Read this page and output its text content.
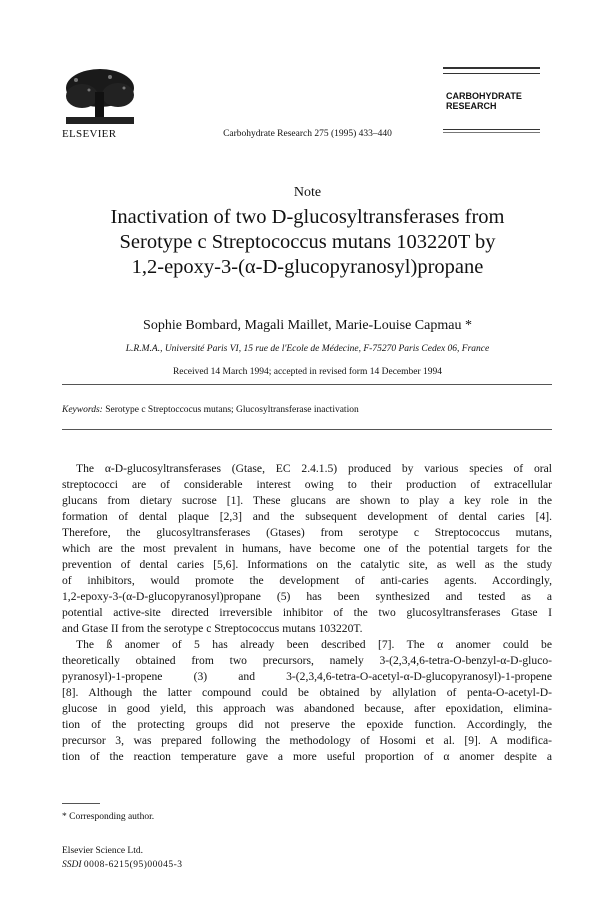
ELSEVIER	Carbohydrate Research 275 (1995) 433–440
CARBOHYDRATE
RESEARCH
Note
Inactivation of two D-glucosyltransferases from
Serotype c Streptococcus mutans 103220T by
1,2-epoxy-3-(α-D-glucopyranosyl)propane
Sophie Bombard, Magali Maillet, Marie-Louise Capmau *
L.R.M.A., Université Paris VI, 15 rue de l'Ecole de Médecine, F-75270 Paris Cedex 06, France
Received 14 March 1994; accepted in revised form 14 December 1994
Keywords: Serotype c Streptoccocus mutans; Glucosyltransferase inactivation
The α-D-glucosyltransferases (Gtase, EC 2.4.1.5) produced by various species of oral
streptococci are of considerable interest owing to their production of extracellular
glucans from dietary sucrose [1]. These glucans are shown to play a key role in the
formation of dental plaque [2,3] and the subsequent development of dental caries [4].
Therefore, the glucosyltransferases (Gtases) from serotype c Streptococcus mutans,
which are the most prevalent in humans, have become one of the potential targets for the
prevention of dental caries [5,6]. Informations on the catalytic site, as well as the study
of inhibitors, would promote the development of anti-caries agents. Accordingly,
1,2-epoxy-3-(α-D-glucopyranosyl)propane (5) has been synthesized and tested as a
potential active-site directed irreversible inhibitor of the two glucosyltransferases Gtase I
and Gtase II from the serotype c Streptococcus mutans 103220T.
The ß anomer of 5 has already been described [7]. The α anomer could be
theoretically obtained from two precursors, namely 3-(2,3,4,6-tetra-O-benzyl-α-D-gluco-
pyranosyl)-1-propene (3) and 3-(2,3,4,6-tetra-O-acetyl-α-D-glucopyranosyl)-1-propene
[8]. Although the latter compound could be obtained by allylation of penta-O-acetyl-D-
glucose in good yield, this approach was abandoned because, after epoxidation, elimina-
tion of the protecting groups did not preserve the epoxide function. Accordingly, the
precursor 3, was prepared following the methodology of Hosomi et al. [9]. A modifica-
tion of the reaction temperature gave a more useful proportion of α anomer despite a
* Corresponding author.
Elsevier Science Ltd.
SSDI 0008-6215(95)00045-3
